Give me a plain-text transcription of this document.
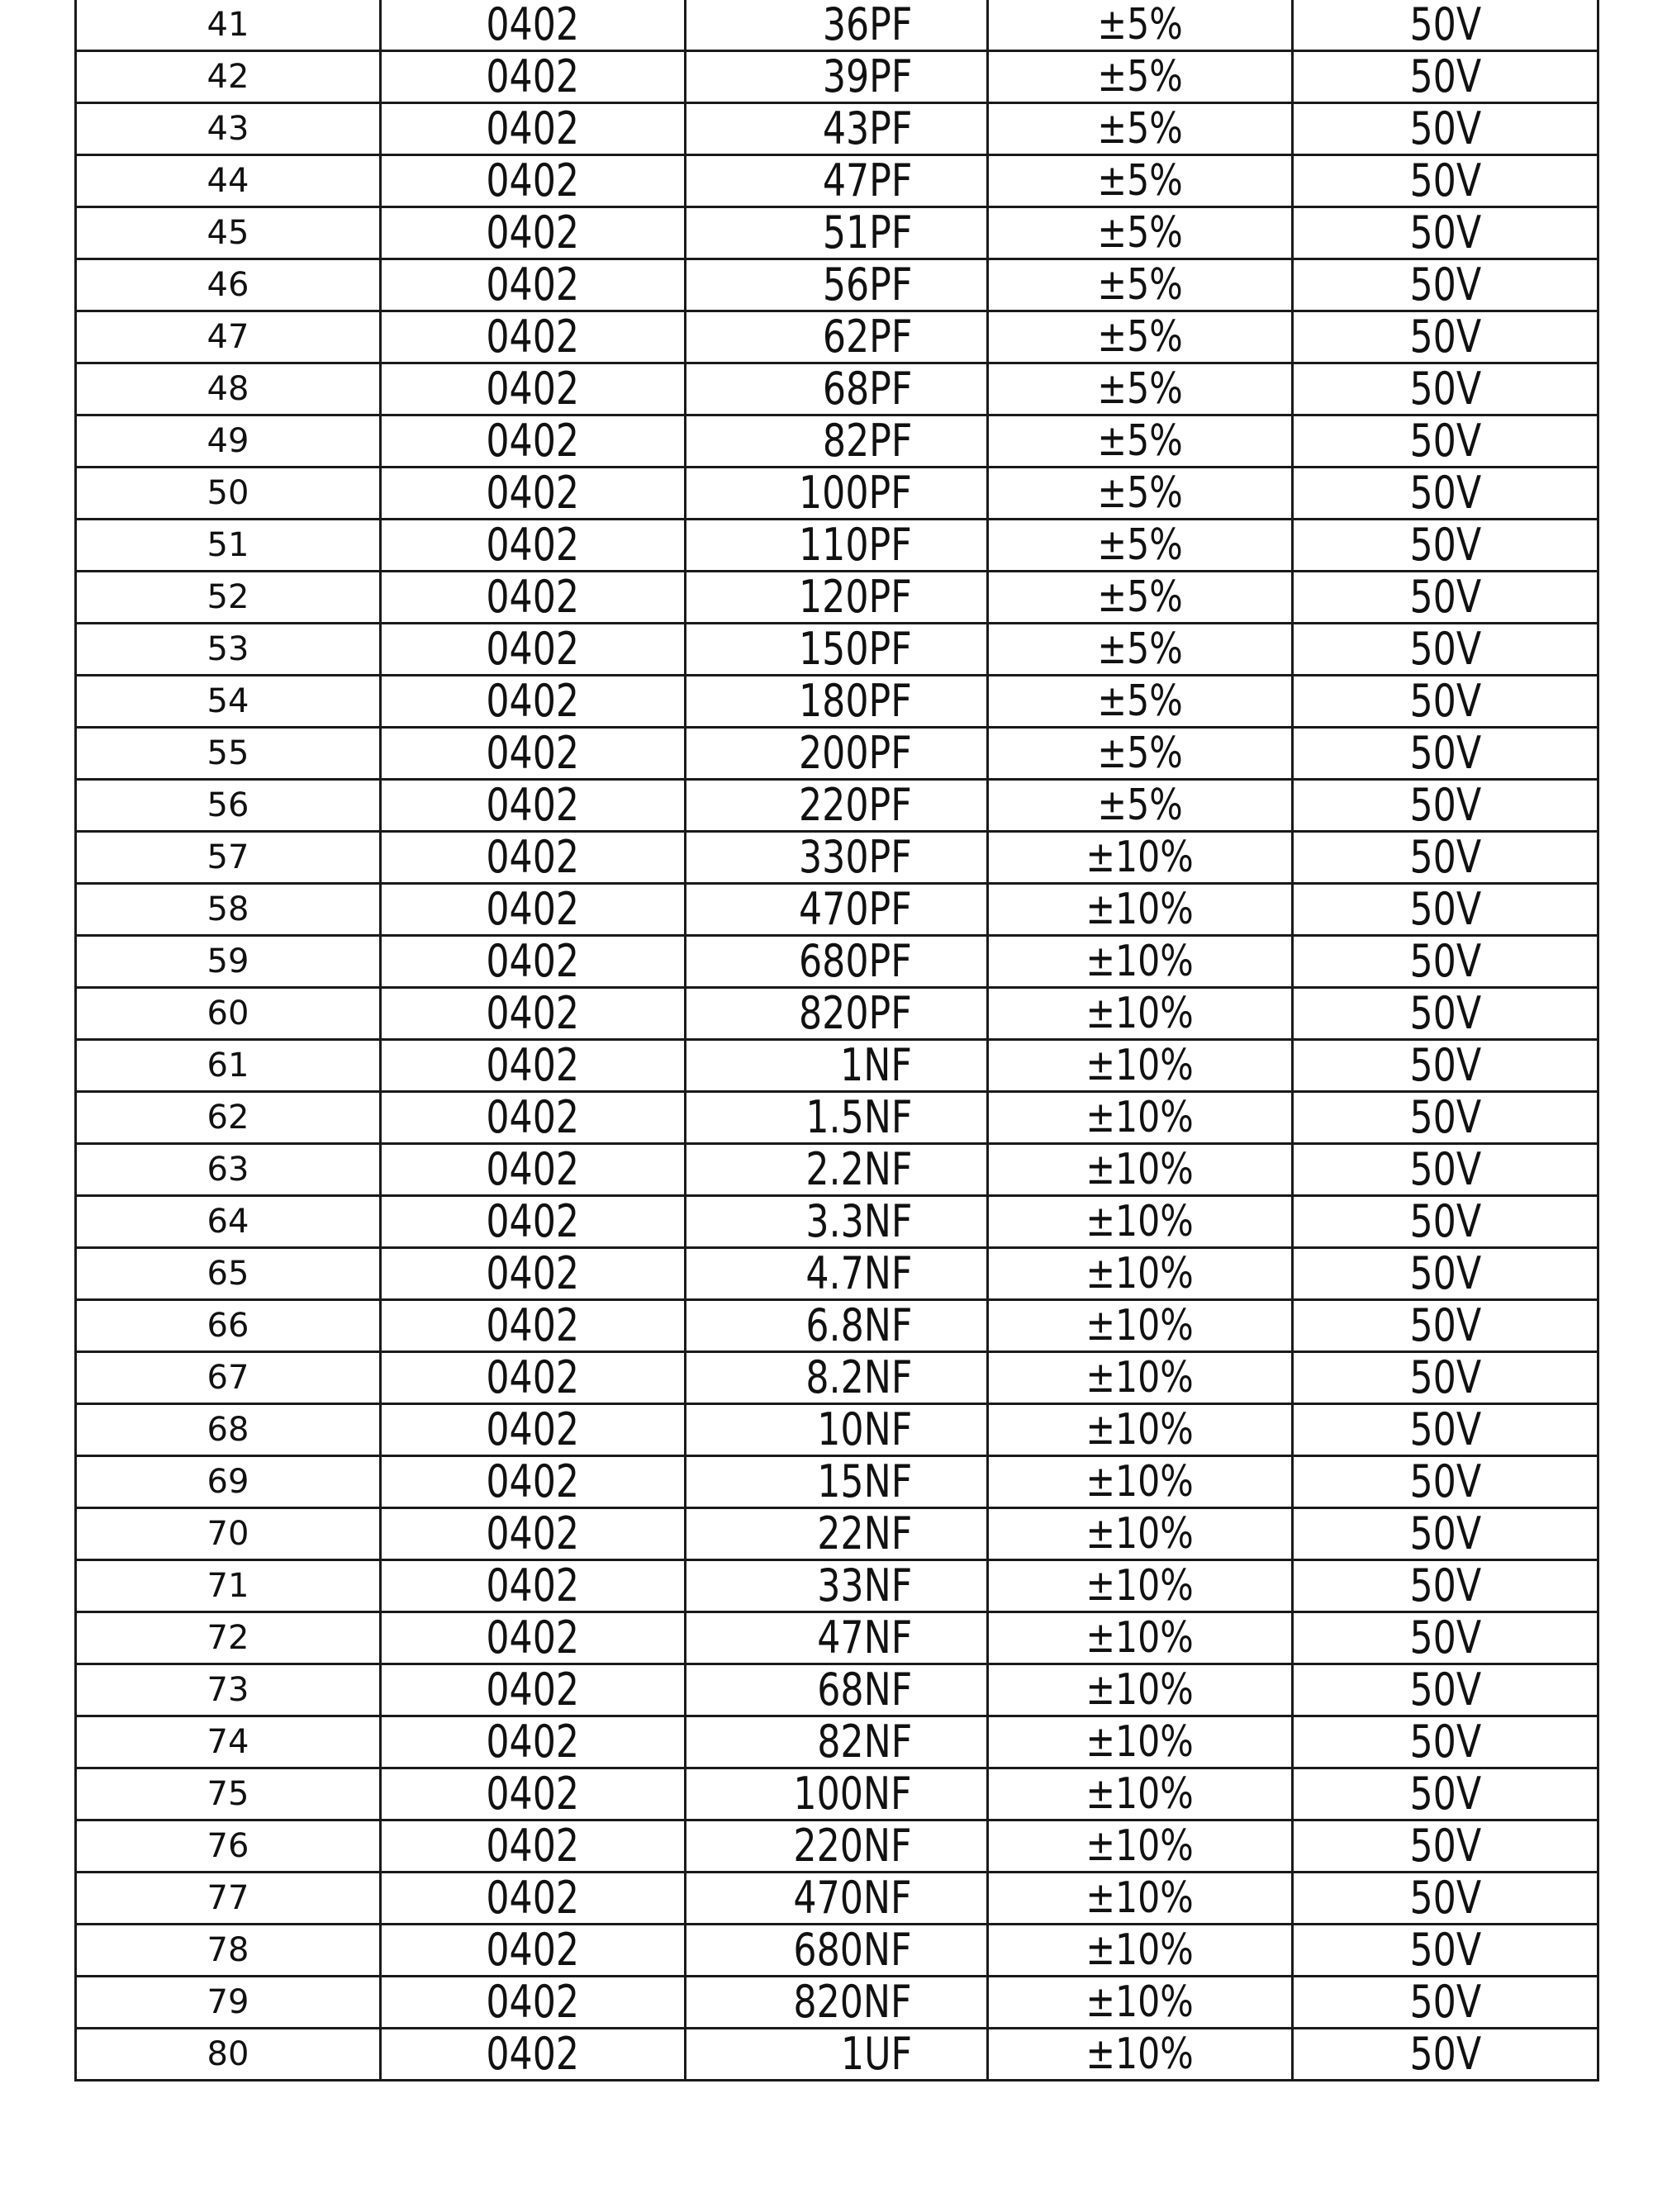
41	0402	36PF	±5%	50V
42	0402	39PF	±5%	50V
43	0402	43PF	±5%	50V
44	0402	47PF	±5%	50V
45	0402	51PF	±5%	50V
46	0402	56PF	±5%	50V
47	0402	62PF	±5%	50V
48	0402	68PF	±5%	50V
49	0402	82PF	±5%	50V
50	0402	100PF	±5%	50V
51	0402	110PF	±5%	50V
52	0402	120PF	±5%	50V
53	0402	150PF	±5%	50V
54	0402	180PF	±5%	50V
55	0402	200PF	±5%	50V
56	0402	220PF	±5%	50V
57	0402	330PF	±10%	50V
58	0402	470PF	±10%	50V
59	0402	680PF	±10%	50V
60	0402	820PF	±10%	50V
61	0402	1NF	±10%	50V
62	0402	1.5NF	±10%	50V
63	0402	2.2NF	±10%	50V
64	0402	3.3NF	±10%	50V
65	0402	4.7NF	±10%	50V
66	0402	6.8NF	±10%	50V
67	0402	8.2NF	±10%	50V
68	0402	10NF	±10%	50V
69	0402	15NF	±10%	50V
70	0402	22NF	±10%	50V
71	0402	33NF	±10%	50V
72	0402	47NF	±10%	50V
73	0402	68NF	±10%	50V
74	0402	82NF	±10%	50V
75	0402	100NF	±10%	50V
76	0402	220NF	±10%	50V
77	0402	470NF	±10%	50V
78	0402	680NF	±10%	50V
79	0402	820NF	±10%	50V
80	0402	1UF	±10%	50V
